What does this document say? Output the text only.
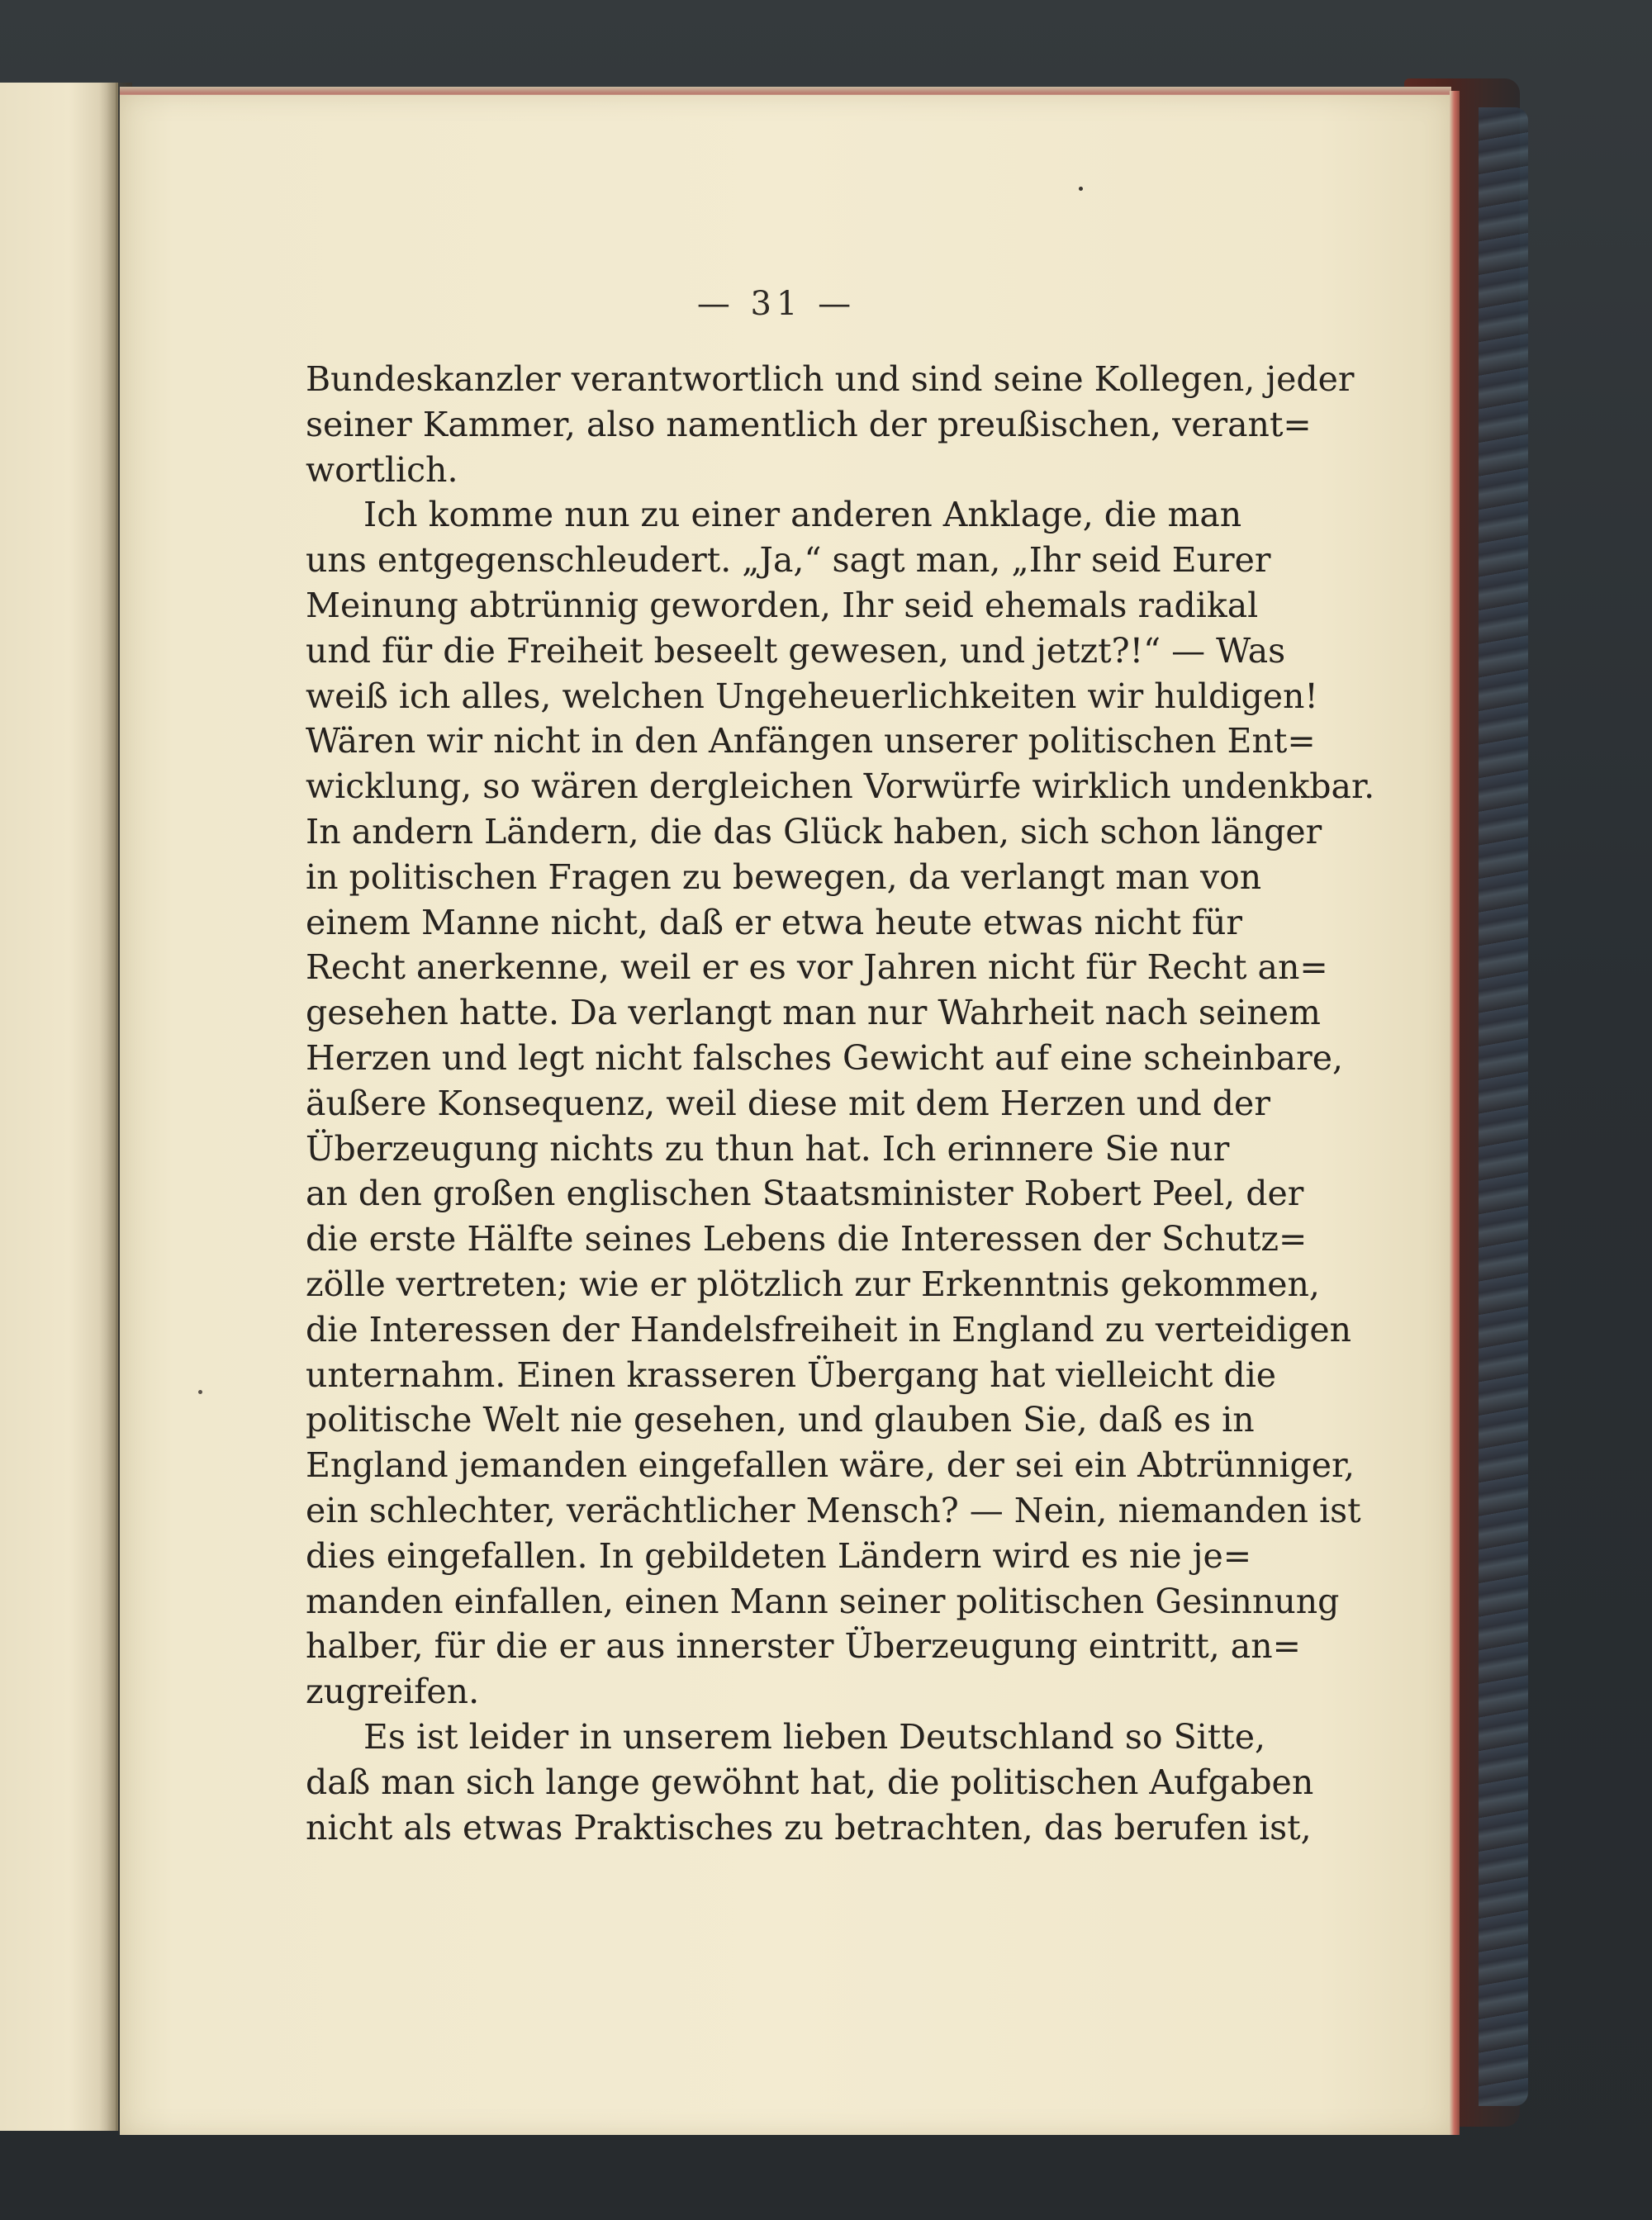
— 31 —
Bundeskanzler verantwortlich und sind seine Kollegen, jeder
seiner Kammer, also namentlich der preußischen, verant=
wortlich.
Ich komme nun zu einer anderen Anklage, die man
uns entgegenschleudert. „Ja,“ sagt man, „Ihr seid Eurer
Meinung abtrünnig geworden, Ihr seid ehemals radikal
und für die Freiheit beseelt gewesen, und jetzt?!“ — Was
weiß ich alles, welchen Ungeheuerlichkeiten wir huldigen!
Wären wir nicht in den Anfängen unserer politischen Ent=
wicklung, so wären dergleichen Vorwürfe wirklich undenkbar.
In andern Ländern, die das Glück haben, sich schon länger
in politischen Fragen zu bewegen, da verlangt man von
einem Manne nicht, daß er etwa heute etwas nicht für
Recht anerkenne, weil er es vor Jahren nicht für Recht an=
gesehen hatte. Da verlangt man nur Wahrheit nach seinem
Herzen und legt nicht falsches Gewicht auf eine scheinbare,
äußere Konsequenz, weil diese mit dem Herzen und der
Überzeugung nichts zu thun hat. Ich erinnere Sie nur
an den großen englischen Staatsminister Robert Peel, der
die erste Hälfte seines Lebens die Interessen der Schutz=
zölle vertreten; wie er plötzlich zur Erkenntnis gekommen,
die Interessen der Handelsfreiheit in England zu verteidigen
unternahm. Einen krasseren Übergang hat vielleicht die
politische Welt nie gesehen, und glauben Sie, daß es in
England jemanden eingefallen wäre, der sei ein Abtrünniger,
ein schlechter, verächtlicher Mensch? — Nein, niemanden ist
dies eingefallen. In gebildeten Ländern wird es nie je=
manden einfallen, einen Mann seiner politischen Gesinnung
halber, für die er aus innerster Überzeugung eintritt, an=
zugreifen.
Es ist leider in unserem lieben Deutschland so Sitte,
daß man sich lange gewöhnt hat, die politischen Aufgaben
nicht als etwas Praktisches zu betrachten, das berufen ist,
